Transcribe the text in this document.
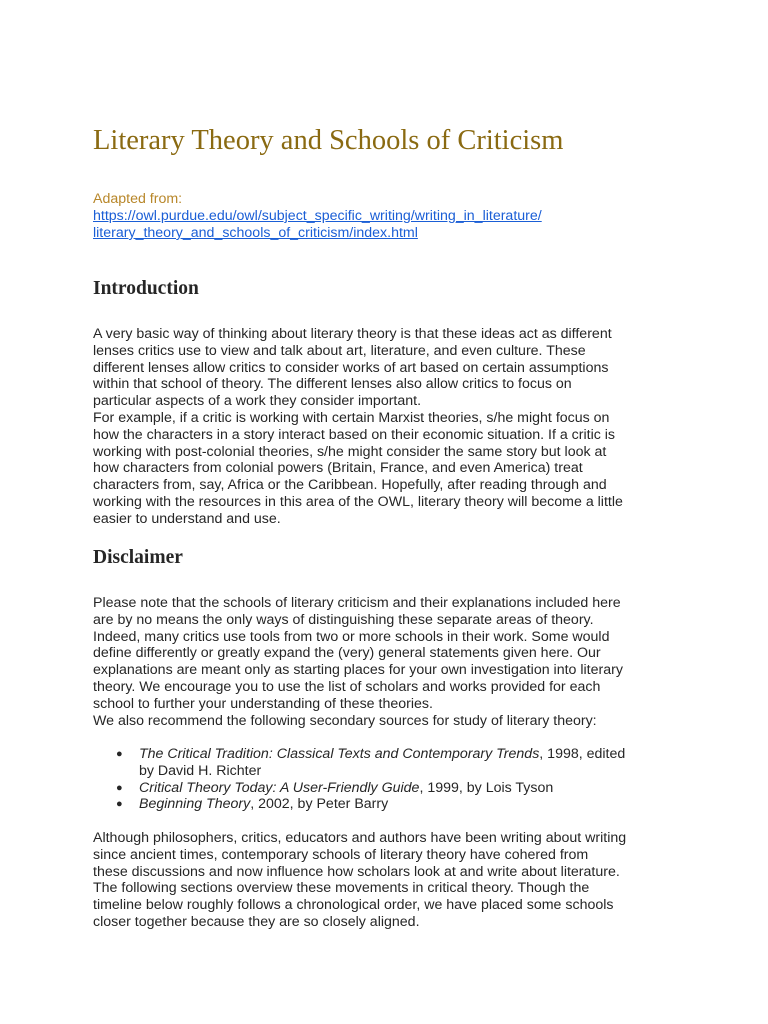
Literary Theory and Schools of Criticism
Adapted from:
https://owl.purdue.edu/owl/subject_specific_writing/writing_in_literature/
literary_theory_and_schools_of_criticism/index.html
Introduction

A very basic way of thinking about literary theory is that these ideas act as different
lenses critics use to view and talk about art, literature, and even culture. These
different lenses allow critics to consider works of art based on certain assumptions
within that school of theory. The different lenses also allow critics to focus on
particular aspects of a work they consider important.

For example, if a critic is working with certain Marxist theories, s/he might focus on
how the characters in a story interact based on their economic situation. If a critic is
working with post-colonial theories, s/he might consider the same story but look at
how characters from colonial powers (Britain, France, and even America) treat
characters from, say, Africa or the Caribbean. Hopefully, after reading through and
working with the resources in this area of the OWL, literary theory will become a little
easier to understand and use.

Disclaimer

Please note that the schools of literary criticism and their explanations included here
are by no means the only ways of distinguishing these separate areas of theory.
Indeed, many critics use tools from two or more schools in their work. Some would
define differently or greatly expand the (very) general statements given here. Our
explanations are meant only as starting places for your own investigation into literary
theory. We encourage you to use the list of scholars and works provided for each
school to further your understanding of these theories.

We also recommend the following secondary sources for study of literary theory:

● The Critical Tradition: Classical Texts and Contemporary Trends, 1998, edited
by David H. Richter
● Critical Theory Today: A User-Friendly Guide, 1999, by Lois Tyson
● Beginning Theory, 2002, by Peter Barry

Although philosophers, critics, educators and authors have been writing about writing
since ancient times, contemporary schools of literary theory have cohered from
these discussions and now influence how scholars look at and write about literature.
The following sections overview these movements in critical theory. Though the
timeline below roughly follows a chronological order, we have placed some schools
closer together because they are so closely aligned.
